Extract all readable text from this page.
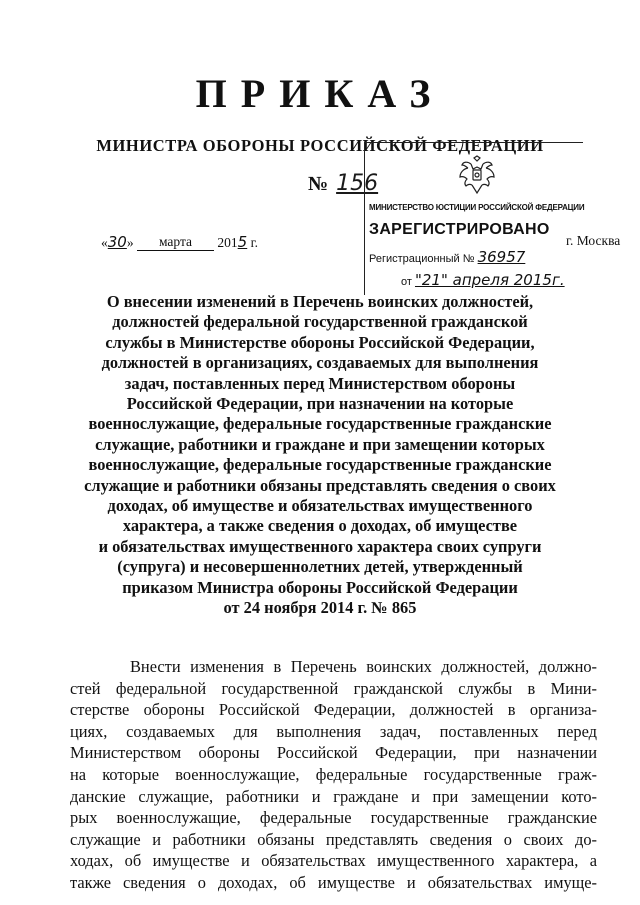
ПРИКАЗ
МИНИСТРА ОБОРОНЫ РОССИЙСКОЙ ФЕДЕРАЦИИ
№ 156
«30» марта 2015 г.	г. Москва
МИНИСТЕРСТВО ЮСТИЦИИ РОССИЙСКОЙ ФЕДЕРАЦИИ
ЗАРЕГИСТРИРОВАНО
Регистрационный № 36957
от "21" апреля 2015г.
О внесении изменений в Перечень воинских должностей,
должностей федеральной государственной гражданской
службы в Министерстве обороны Российской Федерации,
должностей в организациях, создаваемых для выполнения
задач, поставленных перед Министерством обороны
Российской Федерации, при назначении на которые
военнослужащие, федеральные государственные гражданские
служащие, работники и граждане и при замещении которых
военнослужащие, федеральные государственные гражданские
служащие и работники обязаны представлять сведения о своих
доходах, об имуществе и обязательствах имущественного
характера, а также сведения о доходах, об имуществе
и обязательствах имущественного характера своих супруги
(супруга) и несовершеннолетних детей, утвержденный
приказом Министра обороны Российской Федерации
от 24 ноября 2014 г. № 865
Внести изменения в Перечень воинских должностей, должно-
стей федеральной государственной гражданской службы в Мини-
стерстве обороны Российской Федерации, должностей в организа-
циях, создаваемых для выполнения задач, поставленных перед
Министерством обороны Российской Федерации, при назначении
на которые военнослужащие, федеральные государственные граж-
данские служащие, работники и граждане и при замещении кото-
рых военнослужащие, федеральные государственные гражданские
служащие и работники обязаны представлять сведения о своих до-
ходах, об имуществе и обязательствах имущественного характера, а
также сведения о доходах, об имуществе и обязательствах имуще-
